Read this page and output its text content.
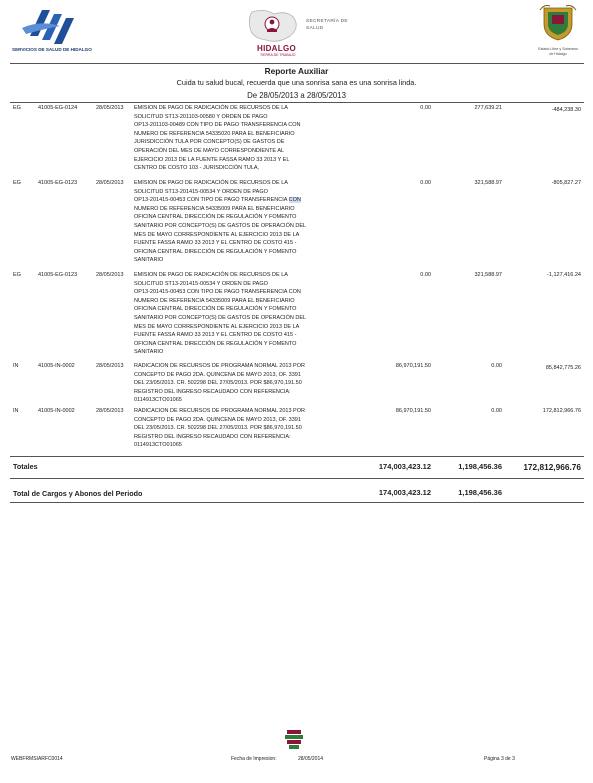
SERVICIOS DE SALUD DE HIDALGO	HIDALGO
TIERRA DE TRABAJO
SECRETARÍA DE
SALUD
Estado Libre y Soberano
de Hidalgo
Reporte Auxiliar
Cuida tu salud bucal, recuerda que una sonrisa sana es una sonrisa linda.
De 28/05/2013 a 28/05/2013
EG	41005-EG-0124	28/05/2013 EMISION DE PAGO DE RADICACIÓN DE RECURSOS DE LA
SOLICITUD ST13-201103-00580 Y ORDEN DE PAGO
OP13-201103-00489 CON TIPO DE PAGO TRANSFERENCIA CON
NUMERO DE REFERENCIA 54335020 PARA EL BENEFICIARIO
JURISDICCIÓN TULA POR CONCEPTO(S) DE GASTOS DE
OPERACIÓN DEL MES DE MAYO CORRESPONDIENTE AL
EJERCICIO 2013 DE LA FUENTE FASSA RAMO 33 2013 Y EL
CENTRO DE COSTO 103 - JURISDICCIÓN TULA,
0.00	277,639.21	-484,238.30
EG	41005-EG-0123	28/05/2013 EMISION DE PAGO DE RADICACIÓN DE RECURSOS DE LA
SOLICITUD ST13-201415-00534 Y ORDEN DE PAGO
OP13-201415-00453 CON TIPO DE PAGO TRANSFERENCIA CON
NUMERO DE REFERENCIA 54335009 PARA EL BENEFICIARIO
OFICINA CENTRAL DIRECCIÓN DE REGULACIÓN Y FOMENTO
SANITARIO POR CONCEPTO(S) DE GASTOS DE OPERACIÓN DEL
MES DE MAYO CORRESPONDIENTE AL EJERCICIO 2013 DE LA
FUENTE FASSA RAMO 33 2013 Y EL CENTRO DE COSTO 415 -
OFICINA CENTRAL DIRECCIÓN DE REGULACIÓN Y FOMENTO
SANITARIO
0.00	321,588.97	-805,827.27
EG	41005-EG-0123	28/05/2013 EMISION DE PAGO DE RADICACIÓN DE RECURSOS DE LA
SOLICITUD ST13-201415-00534 Y ORDEN DE PAGO
OP13-201415-00453 CON TIPO DE PAGO TRANSFERENCIA CON
NUMERO DE REFERENCIA 54335009 PARA EL BENEFICIARIO
OFICINA CENTRAL DIRECCIÓN DE REGULACIÓN Y FOMENTO
SANITARIO POR CONCEPTO(S) DE GASTOS DE OPERACIÓN DEL
MES DE MAYO CORRESPONDIENTE AL EJERCICIO 2013 DE LA
FUENTE FASSA RAMO 33 2013 Y EL CENTRO DE COSTO 415 -
OFICINA CENTRAL DIRECCIÓN DE REGULACIÓN Y FOMENTO
SANITARIO
0.00	321,588.97	-1,127,416.24
IN	41005-IN-0002	28/05/2013 RADICACION DE RECURSOS DE PROGRAMA NORMAL 2013 POR
CONCEPTO DE PAGO 2DA. QUINCENA DE MAYO 2013, OF. 3391
DEL 23/05/2013. CR. 502298 DEL 27/05/2013. POR $86,970,191.50
REGISTRO DEL INGRESO RECAUDADO CON REFERENCIA:
0114913CTO01065
86,970,191.50	0.00	85,842,775.26
IN	41005-IN-0002	28/05/2013 RADICACION DE RECURSOS DE PROGRAMA NORMAL 2013 POR
CONCEPTO DE PAGO 2DA. QUINCENA DE MAYO 2013, OF. 3391
DEL 23/05/2013. CR. 502298 DEL 27/05/2013. POR $86,970,191.50
REGISTRO DEL INGRESO RECAUDADO CON REFERENCIA:
0114913CTO01065
86,970,191.50	0.00	172,812,966.76
Totales	174,003,423.12	1,198,456.36	172,812,966.76
Total de Cargos y Abonos del Periodo	174,003,423.12	1,198,456.36
WEBFRMSIARFC0014	Fecha de Impresion:	28/05/2014	Página 3 de 3
